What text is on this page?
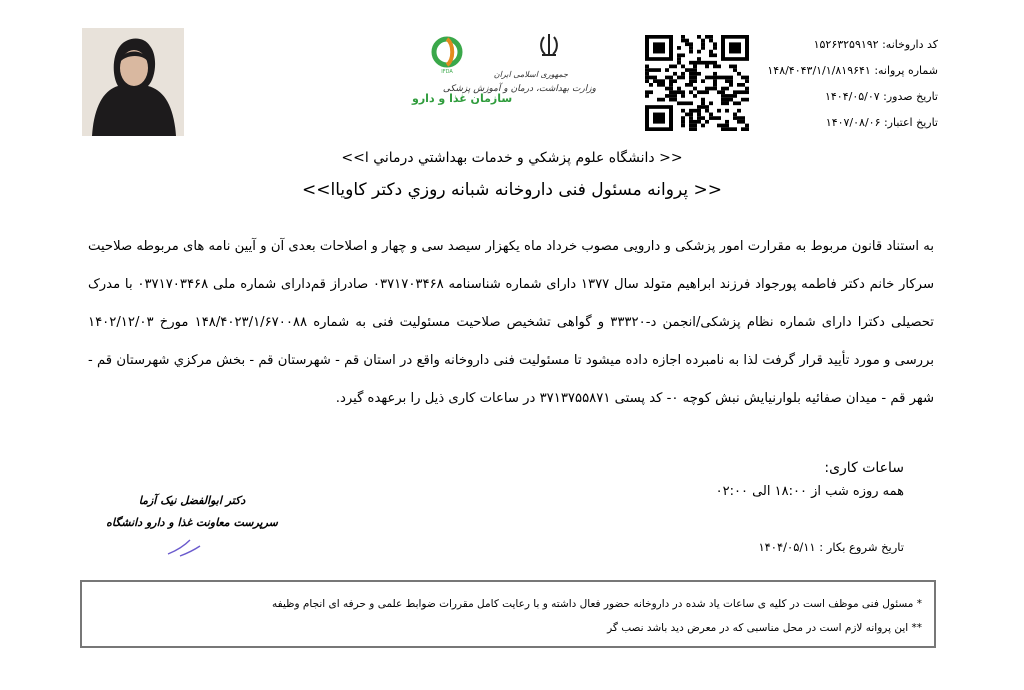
IFDA	جمهوری اسلامی ایران
وزارت بهداشت، درمان و آموزش پزشکی
سازمان غذا و دارو
کد داروخانه: ۱۵۲۶۳۲۵۹۱۹۲
شماره پروانه: ۱۴۸/۴۰۴۳/۱/۱/۸۱۹۶۴۱
تاریخ صدور: ۱۴۰۴/۰۵/۰۷
تاریخ اعتبار: ۱۴۰۷/۰۸/۰۶
<< دانشگاه علوم پزشکي و خدمات بهداشتي درماني ‌ا>>
<< پروانه مسئول فنی داروخانه شبانه روزي دکتر کاويا‌ا>>

به استناد قانون مربوط به مقرارت امور پزشكی و دارويی مصوب خرداد ماه يكهزار سيصد سی و چهار و اصلاحات بعدی آن و آيين نامه های مربوطه صلاحيت سرکار خانم دکتر فاطمه پورجواد فرزند ابراهیم متولد سال ۱۳۷۷ دارای شماره شناسنامه ۰۳۷۱۷۰۳۴۶۸ صادراز قم‌دارای شماره ملی ۰۳۷۱۷۰۳۴۶۸ با مدرک تحصیلی دکترا دارای شماره نظام پزشکی/انجمن د-۳۳۳۲۰ و گواهی تشخیص صلاحیت مسئولیت فنی به شماره ۱۴۸/۴۰۲۳/۱/۶۷۰۰۸۸ مورخ ۱۴۰۲/۱۲/۰۳ بررسی و مورد تأیید قرار گرفت لذا به نامبرده اجازه داده میشود تا مسئولیت فنی داروخانه واقع در استان قم - شهرستان قم - بخش مرکزي شهرستان قم - شهر قم - میدان صفائیه بلوارنیایش نبش کوچه ۰- کد پستی ۳۷۱۳۷۵۵۸۷۱ در ساعات کاری ذیل را برعهده گیرد.

ساعات کاری:
همه روزه شب از ۱۸:۰۰ الی ۰۲:۰۰
تاریخ شروع بکار : ۱۴۰۴/۰۵/۱۱
دکتر ابوالفضل نیک آزما
سرپرست معاونت غذا و دارو دانشگاه
* مسئول فنی موظف است در کلیه ی ساعات یاد شده در داروخانه حضور فعال داشته و با رعایت کامل مقررات ضوابط علمی و حرفه ای انجام وظیفه
** این پروانه لازم است در محل مناسبی که در معرض دید باشد نصب گر
